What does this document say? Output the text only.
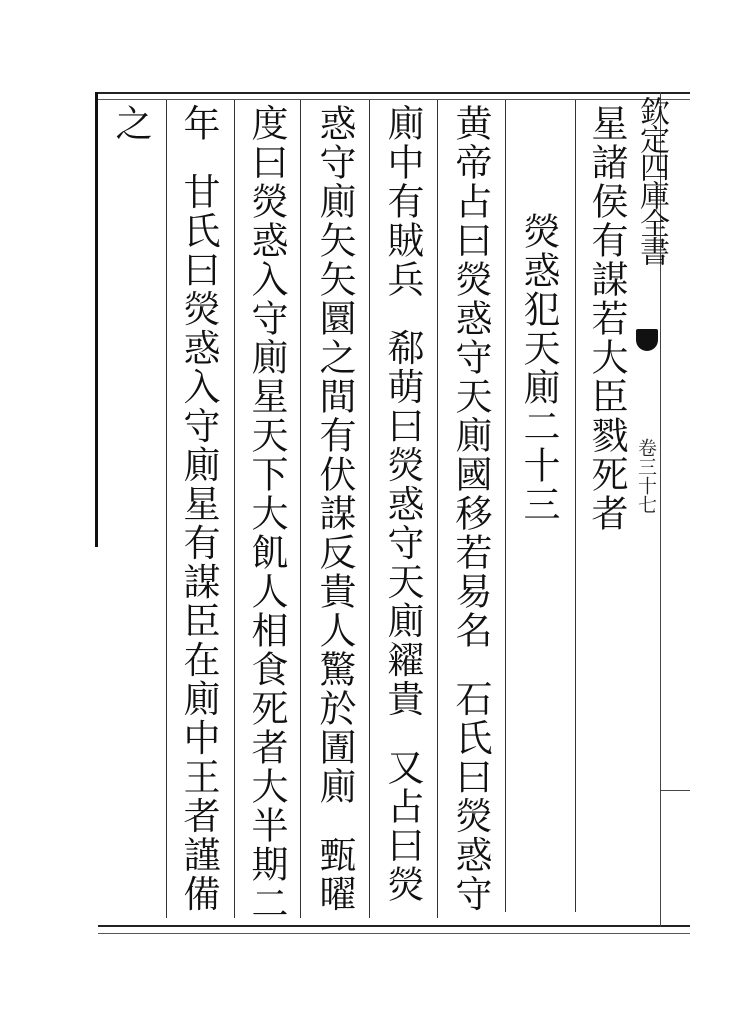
欽定四庫全書
卷三十七
星諸侯有謀若大臣戮死者
熒惑犯天廁二十三
黄帝占曰熒惑守天廁國移若易名石氏曰熒惑守
廁中有賊兵郗萌曰熒惑守天廁糴貴又占曰熒
惑守廁矢矢圜之間有伏謀反貴人驚於圊廁甄曜
度曰熒惑入守廁星天下大飢人相食死者大半期二
年甘氏曰熒惑入守廁星有謀臣在廁中王者謹備
之
